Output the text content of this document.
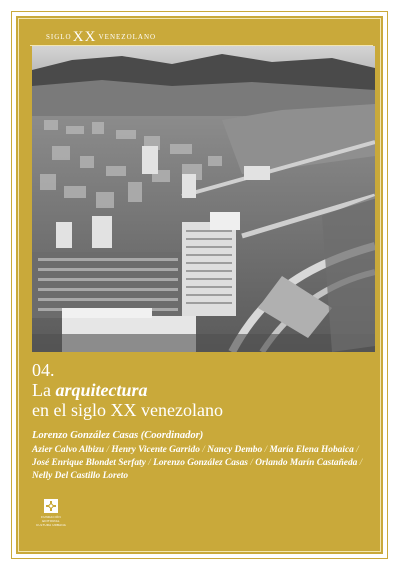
SIGLO XX VENEZOLANO
04.
La arquitectura
en el siglo XX venezolano
Lorenzo González Casas (Coordinador)
Azier Calvo Albizu / Henry Vicente Garrido / Nancy Dembo / María Elena Hobaica / José Enrique Blondet Serfaty / Lorenzo González Casas / Orlando Marín Castañeda / Nelly Del Castillo Loreto
FUNDACIÓN EDITORIAL
CULTURA URBANA
